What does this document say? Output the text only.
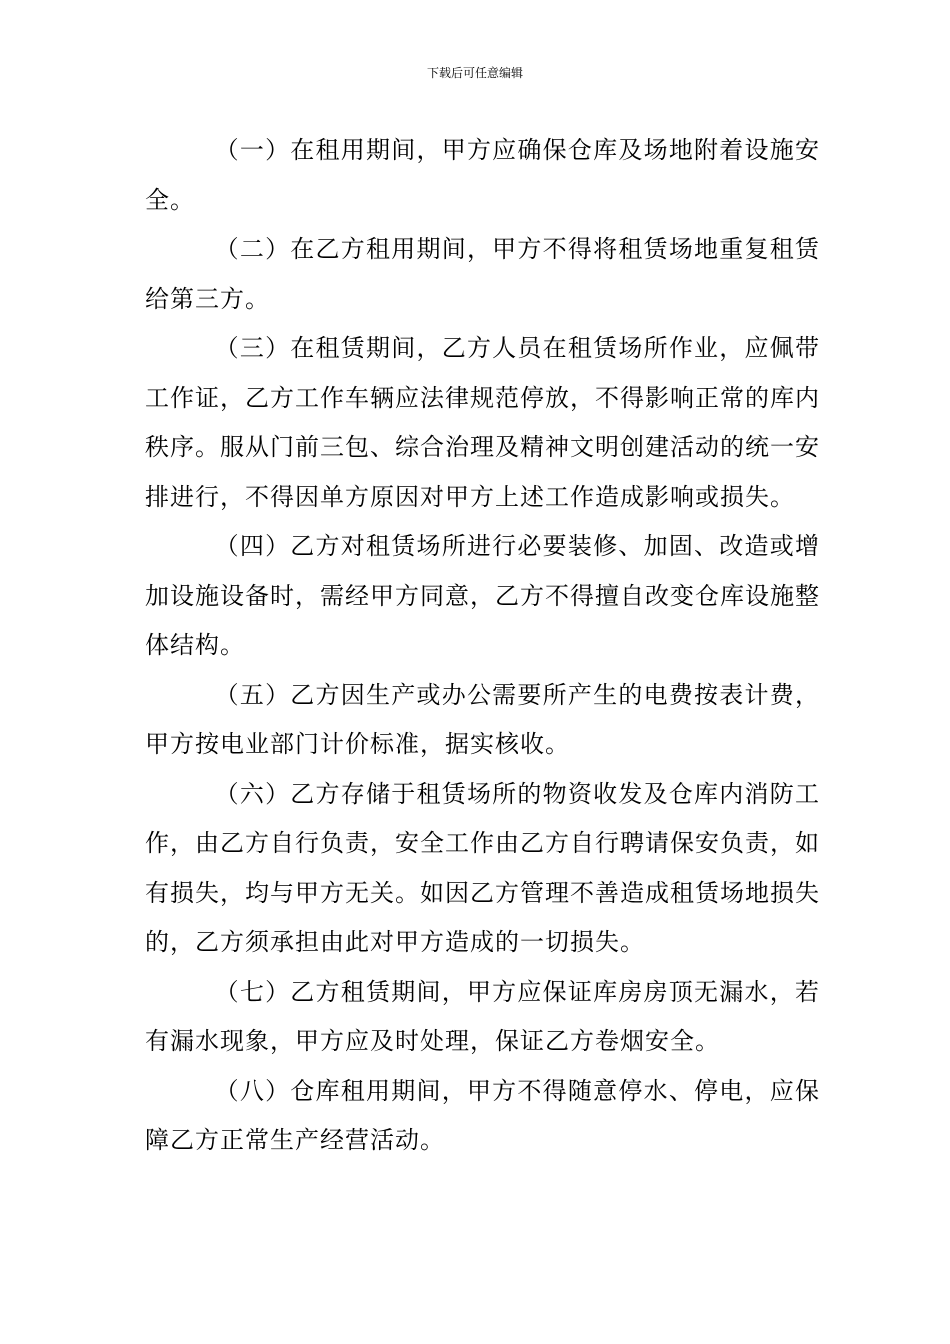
下载后可任意编辑

（一）在租用期间，甲方应确保仓库及场地附着设施安全。

（二）在乙方租用期间，甲方不得将租赁场地重复租赁给第三方。

（三）在租赁期间，乙方人员在租赁场所作业，应佩带工作证，乙方工作车辆应法律规范停放，不得影响正常的库内秩序。服从门前三包、综合治理及精神文明创建活动的统一安排进行，不得因单方原因对甲方上述工作造成影响或损失。

（四）乙方对租赁场所进行必要装修、加固、改造或增加设施设备时，需经甲方同意，乙方不得擅自改变仓库设施整体结构。

（五）乙方因生产或办公需要所产生的电费按表计费，甲方按电业部门计价标准，据实核收。

（六）乙方存储于租赁场所的物资收发及仓库内消防工作，由乙方自行负责，安全工作由乙方自行聘请保安负责，如有损失，均与甲方无关。如因乙方管理不善造成租赁场地损失的，乙方须承担由此对甲方造成的一切损失。

（七）乙方租赁期间，甲方应保证库房房顶无漏水，若有漏水现象，甲方应及时处理，保证乙方卷烟安全。

（八）仓库租用期间，甲方不得随意停水、停电，应保障乙方正常生产经营活动。
